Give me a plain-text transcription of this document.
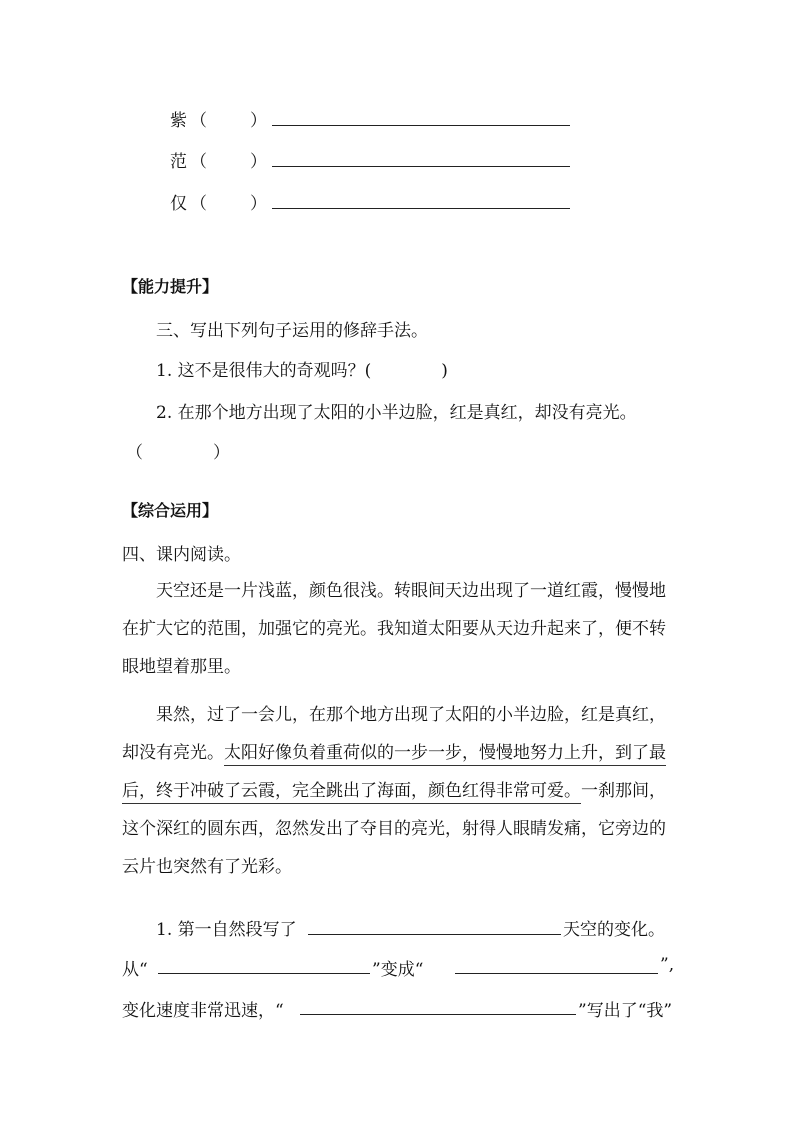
紫 （	）
范 （	）
仅 （	）
【能力提升】
三、写出下列句子运用的修辞手法。
1. 这不是很伟大的奇观吗？(	)
2. 在那个地方出现了太阳的小半边脸，红是真红，却没有亮光。
（	）
【综合运用】
四、课内阅读。
天空还是一片浅蓝，颜色很浅。转眼间天边出现了一道红霞，慢慢地在扩大它的范围，加强它的亮光。我知道太阳要从天边升起来了，便不转眼地望着那里。
果然，过了一会儿，在那个地方出现了太阳的小半边脸，红是真红，却没有亮光。太阳好像负着重荷似的一步一步，慢慢地努力上升，到了最后，终于冲破了云霞，完全跳出了海面，颜色红得非常可爱。一刹那间，这个深红的圆东西，忽然发出了夺目的亮光，射得人眼睛发痛，它旁边的云片也突然有了光彩。
1. 第一自然段写了	天空的变化。
从“	”变成“	”,
变化速度非常迅速，“	”写出了“我”
